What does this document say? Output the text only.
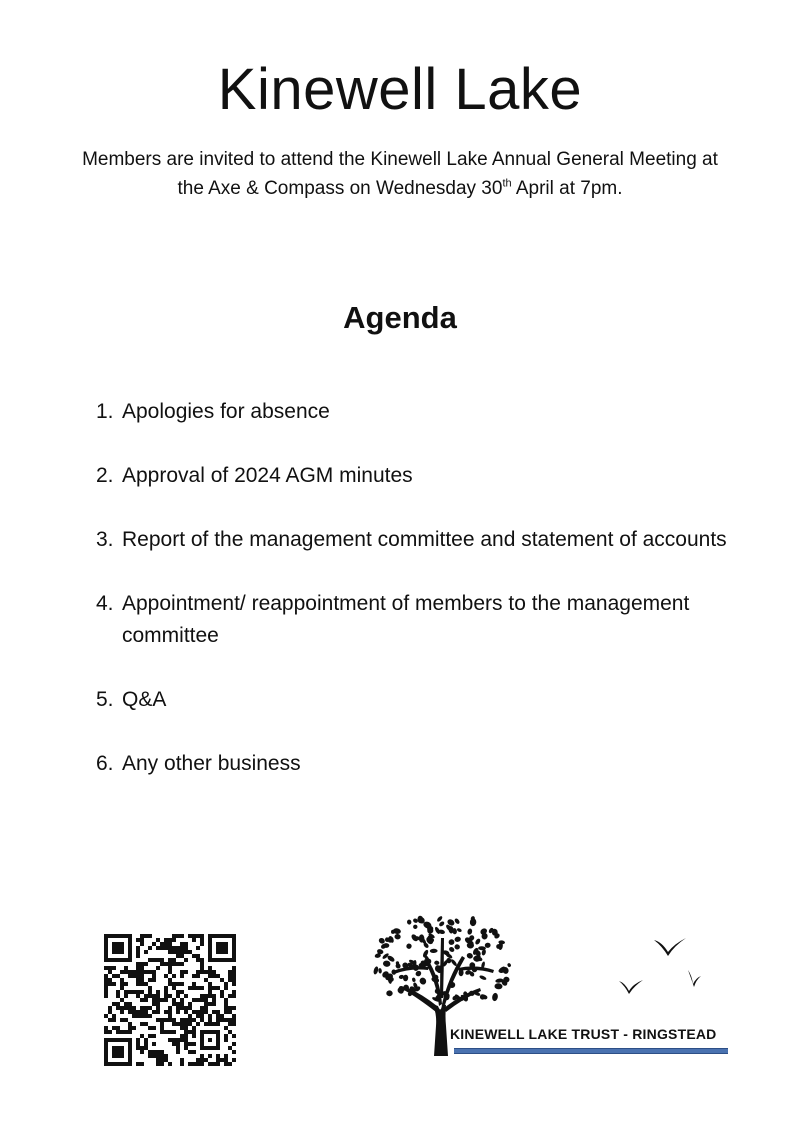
Kinewell Lake

Members are invited to attend the Kinewell Lake Annual General Meeting at
the Axe & Compass on Wednesday 30th April at 7pm.

Agenda
1. Apologies for absence
2. Approval of 2024 AGM minutes
3. Report of the management committee and statement of accounts
4. Appointment/ reappointment of members to the management committee
5. Q&A
6. Any other business
KINEWELL LAKE TRUST - RINGSTEAD
